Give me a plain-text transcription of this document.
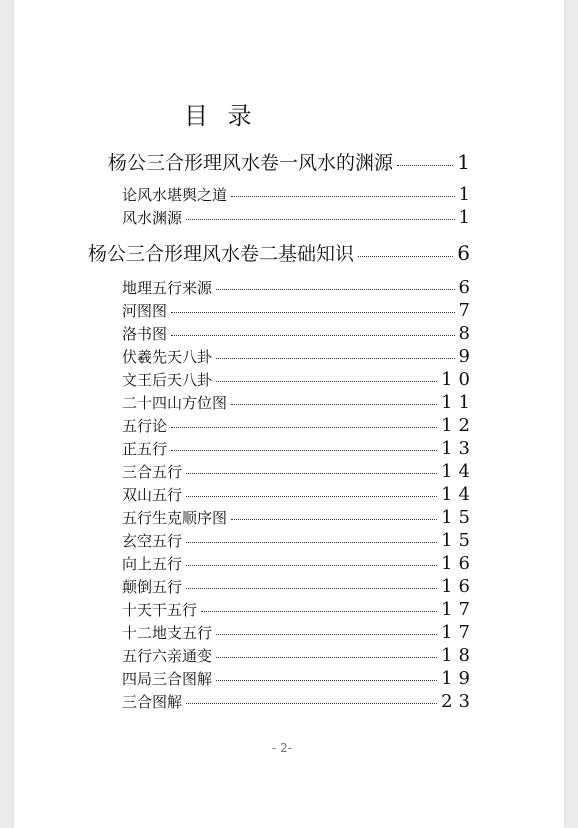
目 录
杨公三合形理风水卷一风水的渊源	1
论风水堪舆之道	1
风水渊源	1
杨公三合形理风水卷二基础知识	6
地理五行来源	6
河图图	7
洛书图	8
伏羲先天八卦	9
文王后天八卦	10
二十四山方位图	11
五行论	12
正五行	13
三合五行	14
双山五行	14
五行生克顺序图	15
玄空五行	15
向上五行	16
颠倒五行	16
十天干五行	17
十二地支五行	17
五行六亲通变	18
四局三合图解	19
三合图解	23
- 2-
